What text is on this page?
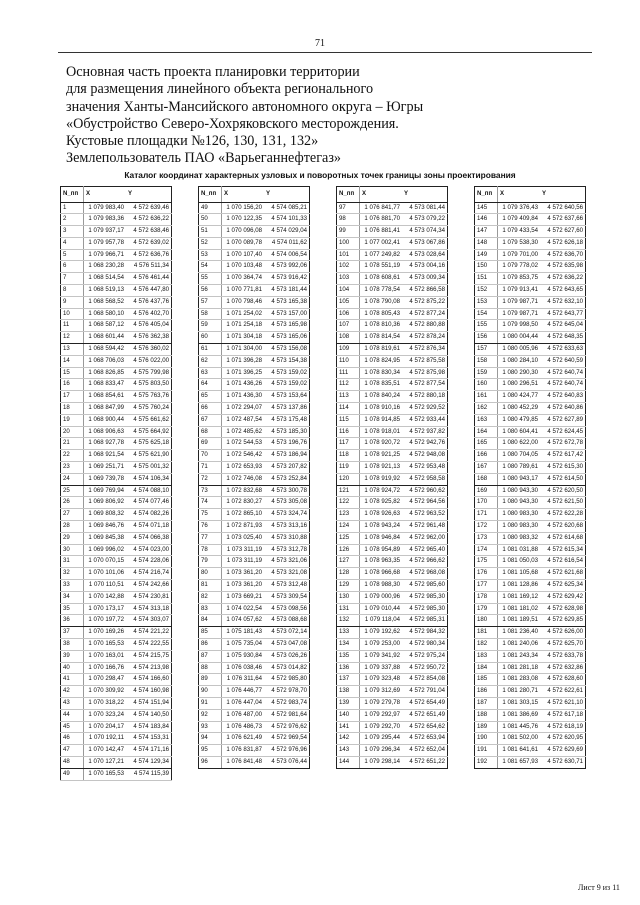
71
Основная часть проекта планировки территории
для размещения линейного объекта регионального
значения Ханты-Мансийского автономного округа – Югры
«Обустройство Северо-Хохряковского месторождения.
Кустовые площадки №126, 130, 131, 132»
Землепользователь ПАО «Варьеганнефтегаз»
Каталог координат характерных узловых и поворотных точек границы зоны проектирования
N_пп	X	Y
1	1 079 983,40	4 572 639,46
2	1 079 983,36	4 572 636,22
3	1 079 937,17	4 572 638,46
4	1 079 957,78	4 572 639,02
5	1 079 966,71	4 572 636,76
6	1 068 230,28	4 576 511,34
7	1 068 514,54	4 576 461,44
8	1 068 519,13	4 576 447,80
9	1 068 568,52	4 576 437,76
10	1 068 580,10	4 576 402,70
11	1 068 587,12	4 576 405,04
12	1 068 601,44	4 576 362,38
13	1 068 594,42	4 576 360,02
14	1 068 706,03	4 576 022,00
15	1 068 826,85	4 575 799,98
16	1 068 833,47	4 575 803,50
17	1 068 854,61	4 575 763,76
18	1 068 847,99	4 575 760,24
19	1 068 900,44	4 575 661,62
20	1 068 906,63	4 575 664,92
21	1 068 927,78	4 575 625,18
22	1 068 921,54	4 575 621,90
23	1 069 251,71	4 575 001,32
24	1 069 739,78	4 574 106,34
25	1 069 769,94	4 574 088,10
26	1 069 806,92	4 574 077,46
27	1 069 808,32	4 574 082,26
28	1 069 846,76	4 574 071,18
29	1 069 845,38	4 574 066,38
30	1 069 996,02	4 574 023,00
31	1 070 070,15	4 574 228,06
32	1 070 101,06	4 574 216,74
33	1 070 110,51	4 574 242,66
34	1 070 142,88	4 574 230,81
35	1 070 173,17	4 574 313,18
36	1 070 197,72	4 574 303,07
37	1 070 169,26	4 574 221,22
38	1 070 165,53	4 574 222,55
39	1 070 163,01	4 574 215,75
40	1 070 166,76	4 574 213,98
41	1 070 298,47	4 574 166,60
42	1 070 309,92	4 574 160,98
43	1 070 318,22	4 574 151,94
44	1 070 323,24	4 574 140,50
45	1 070 204,17	4 574 183,84
46	1 070 192,11	4 574 153,31
47	1 070 142,47	4 574 171,16
48	1 070 127,21	4 574 129,34
49	1 070 165,53	4 574 115,39
N_пп	X	Y
49	1 070 156,20	4 574 085,21
50	1 070 122,35	4 574 101,33
51	1 070 096,08	4 574 029,04
52	1 070 089,78	4 574 011,62
53	1 070 107,40	4 574 006,54
54	1 070 103,48	4 573 992,06
55	1 070 364,74	4 573 916,42
56	1 070 771,81	4 573 181,44
57	1 070 798,46	4 573 165,38
58	1 071 254,02	4 573 157,00
59	1 071 254,18	4 573 165,98
60	1 071 304,18	4 573 165,06
61	1 071 304,00	4 573 156,08
62	1 071 396,28	4 573 154,38
63	1 071 396,25	4 573 159,02
64	1 071 436,26	4 573 159,02
65	1 071 436,30	4 573 153,64
66	1 072 294,07	4 573 137,86
67	1 072 487,54	4 573 175,48
68	1 072 485,62	4 573 185,30
69	1 072 544,53	4 573 196,76
70	1 072 546,42	4 573 186,94
71	1 072 653,93	4 573 207,82
72	1 072 746,08	4 573 252,84
73	1 072 832,68	4 573 300,78
74	1 072 830,27	4 573 305,08
75	1 072 865,10	4 573 324,74
76	1 072 871,93	4 573 313,16
77	1 073 025,40	4 573 310,88
78	1 073 311,19	4 573 312,78
79	1 073 311,19	4 573 321,06
80	1 073 361,20	4 573 321,08
81	1 073 361,20	4 573 312,48
82	1 073 669,21	4 573 309,54
83	1 074 022,54	4 573 098,56
84	1 074 057,62	4 573 088,68
85	1 075 181,43	4 573 072,14
86	1 075 735,04	4 573 047,08
87	1 075 930,84	4 573 026,26
88	1 076 038,46	4 573 014,82
89	1 076 311,64	4 572 985,80
90	1 076 446,77	4 572 978,70
91	1 076 447,04	4 572 983,74
92	1 076 487,00	4 572 981,64
93	1 076 486,73	4 572 976,62
94	1 076 621,49	4 572 969,54
95	1 076 831,87	4 572 976,96
96	1 076 841,48	4 573 076,44
N_пп	X	Y
97	1 076 841,77	4 573 081,44
98	1 076 881,70	4 573 079,22
99	1 076 881,41	4 573 074,34
100	1 077 002,41	4 573 067,86
101	1 077 249,82	4 573 028,64
102	1 078 551,19	4 573 004,16
103	1 078 608,61	4 573 009,34
104	1 078 778,54	4 572 866,58
105	1 078 790,08	4 572 875,22
106	1 078 805,43	4 572 877,24
107	1 078 810,36	4 572 880,88
108	1 078 814,54	4 572 878,24
109	1 078 819,61	4 572 876,34
110	1 078 824,95	4 572 875,58
111	1 078 830,34	4 572 875,98
112	1 078 835,51	4 572 877,54
113	1 078 840,24	4 572 880,18
114	1 078 910,16	4 572 929,52
115	1 078 914,85	4 572 933,44
116	1 078 918,01	4 572 937,82
117	1 078 920,72	4 572 942,76
118	1 078 921,25	4 572 948,08
119	1 078 921,13	4 572 953,48
120	1 078 919,92	4 572 958,58
121	1 078 924,72	4 572 960,62
122	1 078 925,82	4 572 964,56
123	1 078 926,63	4 572 963,52
124	1 078 943,24	4 572 961,48
125	1 078 946,84	4 572 962,00
126	1 078 954,89	4 572 965,40
127	1 078 963,35	4 572 966,62
128	1 078 966,68	4 572 968,08
129	1 078 988,30	4 572 985,60
130	1 079 000,96	4 572 985,30
131	1 079 010,44	4 572 985,30
132	1 079 118,04	4 572 985,31
133	1 079 192,62	4 572 984,32
134	1 079 253,00	4 572 980,34
135	1 079 341,92	4 572 975,24
136	1 079 337,88	4 572 950,72
137	1 079 323,48	4 572 854,08
138	1 079 312,69	4 572 791,04
139	1 079 279,78	4 572 654,49
140	1 079 292,97	4 572 651,49
141	1 079 292,70	4 572 654,62
142	1 079 295,44	4 572 653,94
143	1 079 296,34	4 572 652,04
144	1 079 298,14	4 572 651,22
N_пп	X	Y
145	1 079 376,43	4 572 640,56
146	1 079 409,84	4 572 637,66
147	1 079 433,54	4 572 627,60
148	1 079 538,30	4 572 626,18
149	1 079 701,00	4 572 636,70
150	1 079 778,02	4 572 635,98
151	1 079 853,75	4 572 636,22
152	1 079 913,41	4 572 643,65
153	1 079 987,71	4 572 632,10
154	1 079 987,71	4 572 643,77
155	1 079 998,50	4 572 645,04
156	1 080 004,44	4 572 648,35
157	1 080 005,96	4 572 633,63
158	1 080 284,10	4 572 640,59
159	1 080 290,30	4 572 640,74
160	1 080 296,51	4 572 640,74
161	1 080 424,77	4 572 640,83
162	1 080 452,29	4 572 640,86
163	1 080 479,85	4 572 627,89
164	1 080 604,41	4 572 624,45
165	1 080 622,00	4 572 672,78
166	1 080 704,05	4 572 617,42
167	1 080 789,61	4 572 615,30
168	1 080 943,17	4 572 614,50
169	1 080 943,30	4 572 620,50
170	1 080 943,30	4 572 621,50
171	1 080 983,30	4 572 622,28
172	1 080 983,30	4 572 620,68
173	1 080 983,32	4 572 614,68
174	1 081 031,88	4 572 615,34
175	1 081 050,03	4 572 616,54
176	1 081 105,68	4 572 621,68
177	1 081 128,86	4 572 625,34
178	1 081 169,12	4 572 629,42
179	1 081 181,02	4 572 628,98
180	1 081 189,51	4 572 629,85
181	1 081 236,40	4 572 626,00
182	1 081 240,06	4 572 625,70
183	1 081 243,34	4 572 633,78
184	1 081 281,18	4 572 632,86
185	1 081 283,08	4 572 628,60
186	1 081 280,71	4 572 622,61
187	1 081 303,15	4 572 621,10
188	1 081 386,69	4 572 617,18
189	1 081 445,76	4 572 618,19
190	1 081 502,00	4 572 620,95
191	1 081 641,61	4 572 629,69
192	1 081 657,93	4 572 630,71
Лист 9 из 11
